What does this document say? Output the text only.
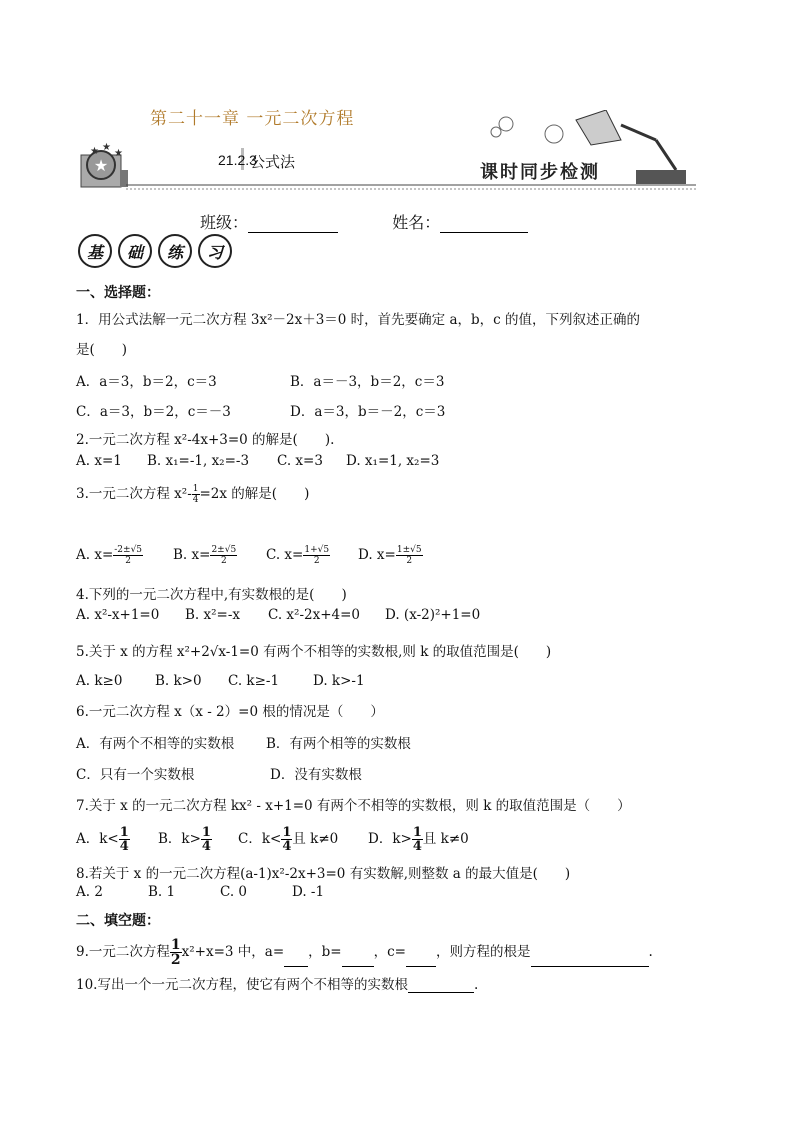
★
★ ★
★
第二十一章 一元二次方程
21.2.3
公式法	课时同步检测
班级：	姓名：
基	础	练	习
一、选择题：
1．用公式法解一元二次方程 3x²－2x＋3＝0 时，首先要确定 a，b，c 的值，下列叙述正确的
是(　　)
A．a＝3，b＝2，c＝3	B．a＝－3，b＝2，c＝3
C．a＝3，b＝2，c＝－3	D．a＝3，b＝－2，c＝3
2.一元二次方程 x²-4x+3=0 的解是(　　).
A. x=1 B. x₁=-1, x₂=-3 C. x=3 D. x₁=1, x₂=3
3.一元二次方程 $x^2- \frac{1}{4} =2x$ 的解是(　　)
A. $x= \frac{-2\pm√5}{2} B$. $x= \frac{2\pm√5}{2} C$. $x= \frac{1+√5}{2} D$. $x= \frac{1\pm√5}{2}$
4.下列的一元二次方程中,有实数根的是(　　)
A. x²-x+1=0 B. x²=-x C. x²-2x+4=0 D. (x-2)²+1=0
5.关于 x 的方程 x²+2√x-1=0 有两个不相等的实数根,则 k 的取值范围是(　　)
A. k≥0 B. k>0 C. k≥-1	D. k>-1
6.一元二次方程 x（x - 2）=0 根的情况是（　　）
A．有两个不相等的实数根 B．有两个相等的实数根
C．只有一个实数根	D．没有实数根
7.关于 x 的一元二次方程 kx² - x+1=0 有两个不相等的实数根，则 k 的取值范围是（　　）
A．$k< \frac{1}{4}$ B．$k> \frac{1}{4}$ C．$k< \frac{1}{4}$ 且 k≠0 D．$k> \frac{1}{4}$ 且 k≠0
8.若关于 x 的一元二次方程(a-1)x²-2x+3=0 有实数解,则整数 a 的最大值是(　　)
A. 2	B. 1	C. 0	D. -1
二、填空题：
9.一元二次方程 $\frac{1}{2} x^2+x=3$ 中，a= ，b= ，c= ，则方程的根是	.
10.写出一个一元二次方程，使它有两个不相等的实数根	.
